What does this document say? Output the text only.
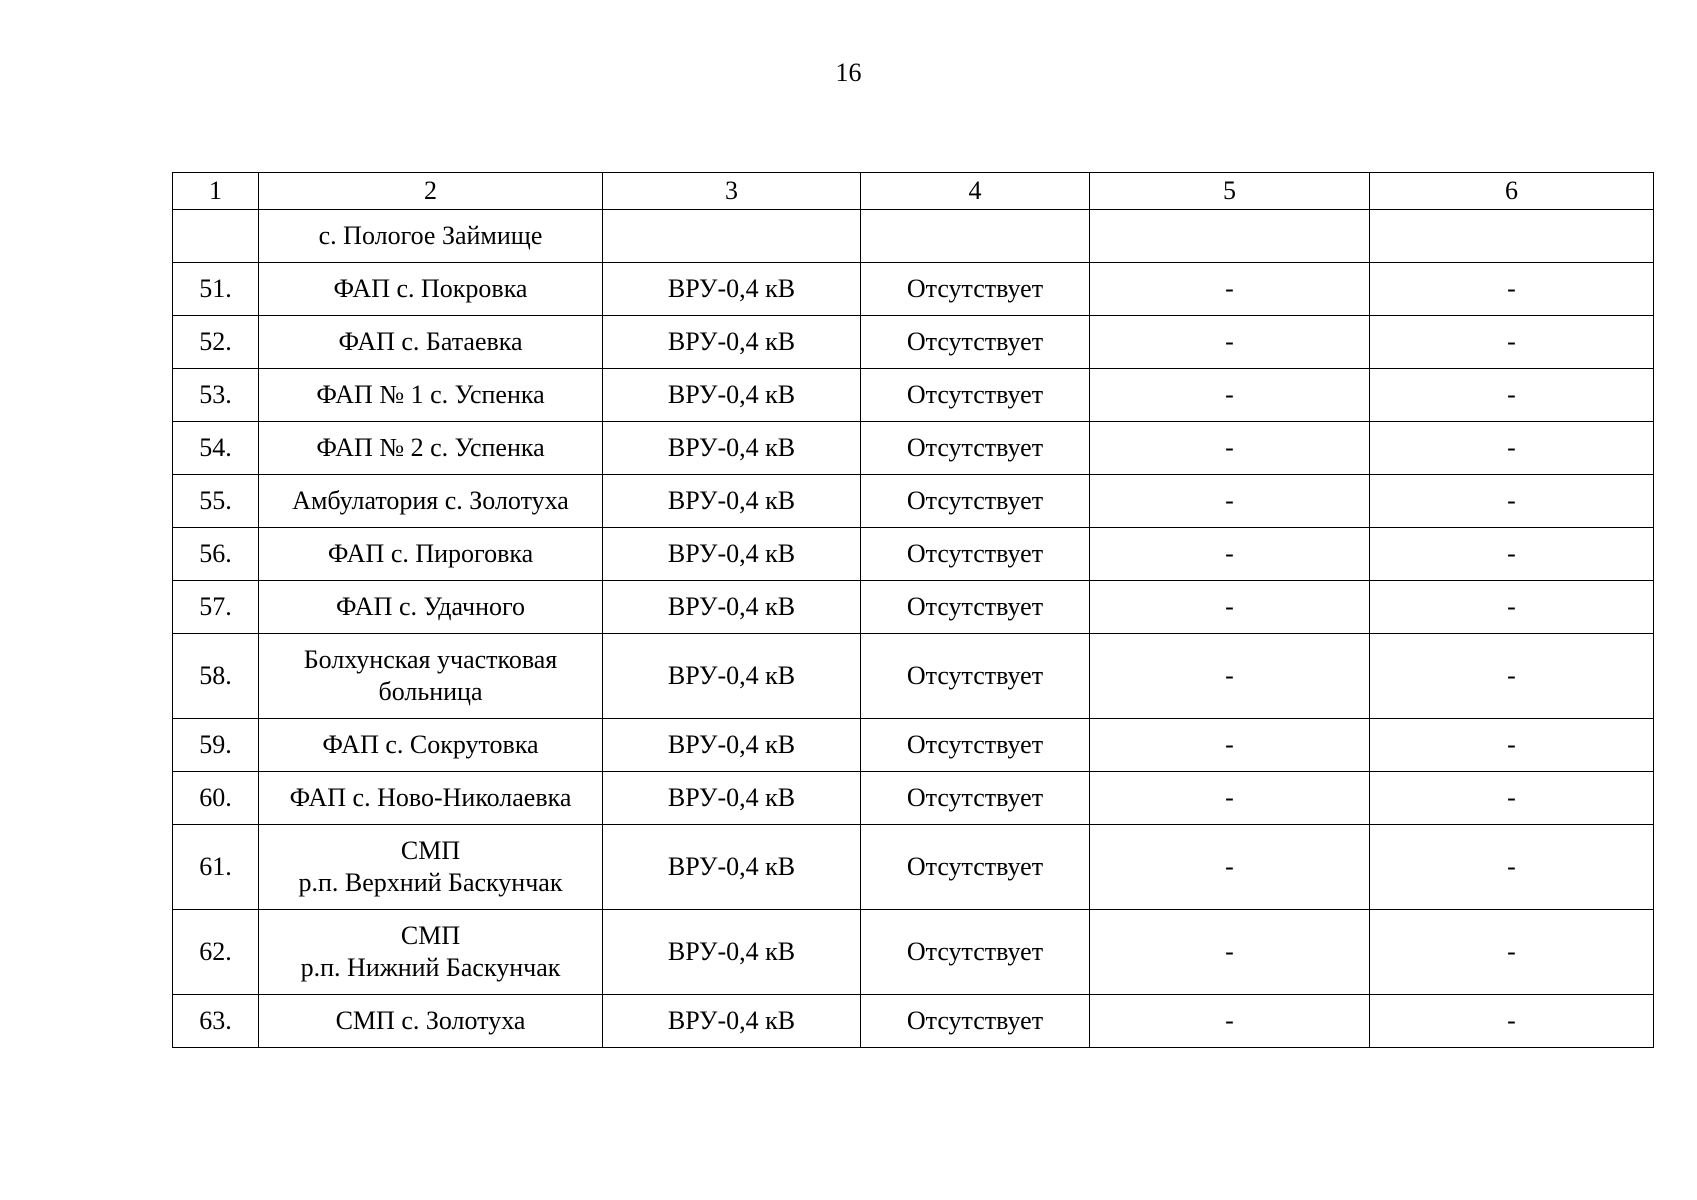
16
1	2	3	4	5	6

	с. Пологое Займище				

51.	ФАП с. Покровка	ВРУ-0,4 кВ	Отсутствует	-	-
52.	ФАП с. Батаевка	ВРУ-0,4 кВ	Отсутствует	-	-
53.	ФАП № 1 с. Успенка	ВРУ-0,4 кВ	Отсутствует	-	-
54.	ФАП № 2 с. Успенка	ВРУ-0,4 кВ	Отсутствует	-	-
55.	Амбулатория с. Золотуха	ВРУ-0,4 кВ	Отсутствует	-	-
56.	ФАП с. Пироговка	ВРУ-0,4 кВ	Отсутствует	-	-
57.	ФАП с. Удачного	ВРУ-0,4 кВ	Отсутствует	-	-
58.	Болхунская участковая
больница	ВРУ-0,4 кВ	Отсутствует	-	-
59.	ФАП с. Сокрутовка	ВРУ-0,4 кВ	Отсутствует	-	-
60.	ФАП с. Ново-Николаевка	ВРУ-0,4 кВ	Отсутствует	-	-
61.	СМП
р.п. Верхний Баскунчак	ВРУ-0,4 кВ	Отсутствует	-	-
62.	СМП
р.п. Нижний Баскунчак	ВРУ-0,4 кВ	Отсутствует	-	-
63.	СМП с. Золотуха	ВРУ-0,4 кВ	Отсутствует	-	-
